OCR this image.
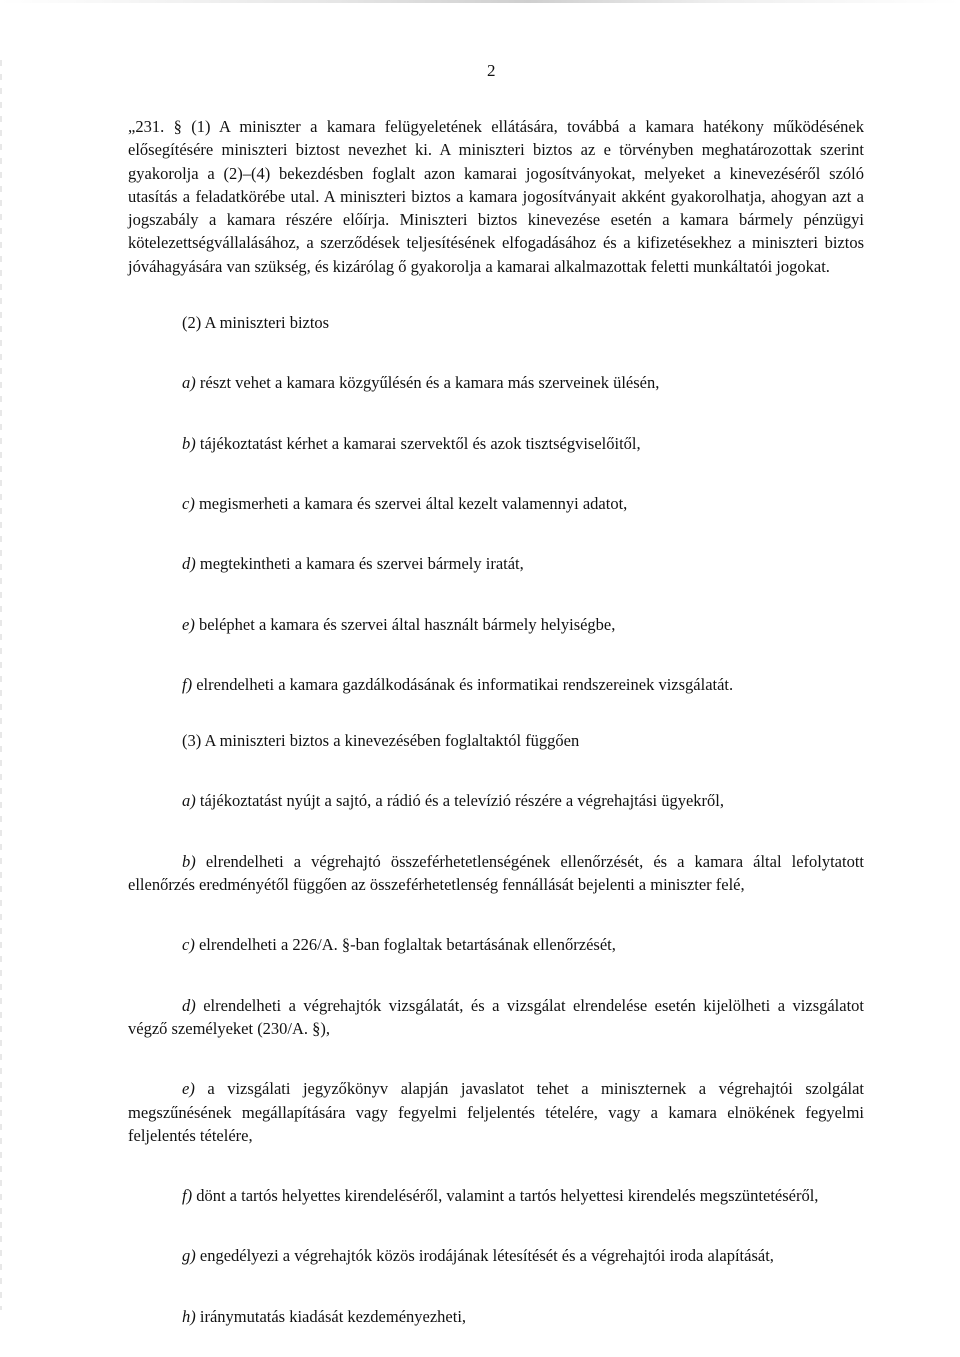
2

„231. § (1) A miniszter a kamara felügyeletének ellátására, továbbá a kamara hatékony működésének elősegítésére miniszteri biztost nevezhet ki. A miniszteri biztos az e törvényben meghatározottak szerint gyakorolja a (2)–(4) bekezdésben foglalt azon kamarai jogosítványokat, melyeket a kinevezéséről szóló utasítás a feladatkörébe utal. A miniszteri biztos a kamara jogosítványait akként gyakorolhatja, ahogyan azt a jogszabály a kamara részére előírja. Miniszteri biztos kinevezése esetén a kamara bármely pénzügyi kötelezettségvállalásához, a szerződések teljesítésének elfogadásához és a kifizetésekhez a miniszteri biztos jóváhagyására van szükség, és kizárólag ő gyakorolja a kamarai alkalmazottak feletti munkáltatói jogokat.

(2) A miniszteri biztos

a) részt vehet a kamara közgyűlésén és a kamara más szerveinek ülésén,

b) tájékoztatást kérhet a kamarai szervektől és azok tisztségviselőitől,

c) megismerheti a kamara és szervei által kezelt valamennyi adatot,

d) megtekintheti a kamara és szervei bármely iratát,

e) beléphet a kamara és szervei által használt bármely helyiségbe,

f) elrendelheti a kamara gazdálkodásának és informatikai rendszereinek vizsgálatát.

(3) A miniszteri biztos a kinevezésében foglaltaktól függően

a) tájékoztatást nyújt a sajtó, a rádió és a televízió részére a végrehajtási ügyekről,

b) elrendelheti a végrehajtó összeférhetetlenségének ellenőrzését, és a kamara által lefolytatott ellenőrzés eredményétől függően az összeférhetetlenség fennállását bejelenti a miniszter felé,

c) elrendelheti a 226/A. §-ban foglaltak betartásának ellenőrzését,

d) elrendelheti a végrehajtók vizsgálatát, és a vizsgálat elrendelése esetén kijelölheti a vizsgálatot végző személyeket (230/A. §),

e) a vizsgálati jegyzőkönyv alapján javaslatot tehet a miniszternek a végrehajtói szolgálat megszűnésének megállapítására vagy fegyelmi feljelentés tételére, vagy a kamara elnökének fegyelmi feljelentés tételére,

f) dönt a tartós helyettes kirendeléséről, valamint a tartós helyettesi kirendelés megszüntetéséről,

g) engedélyezi a végrehajtók közös irodájának létesítését és a végrehajtói iroda alapítását,

h) iránymutatás kiadását kezdeményezheti,
